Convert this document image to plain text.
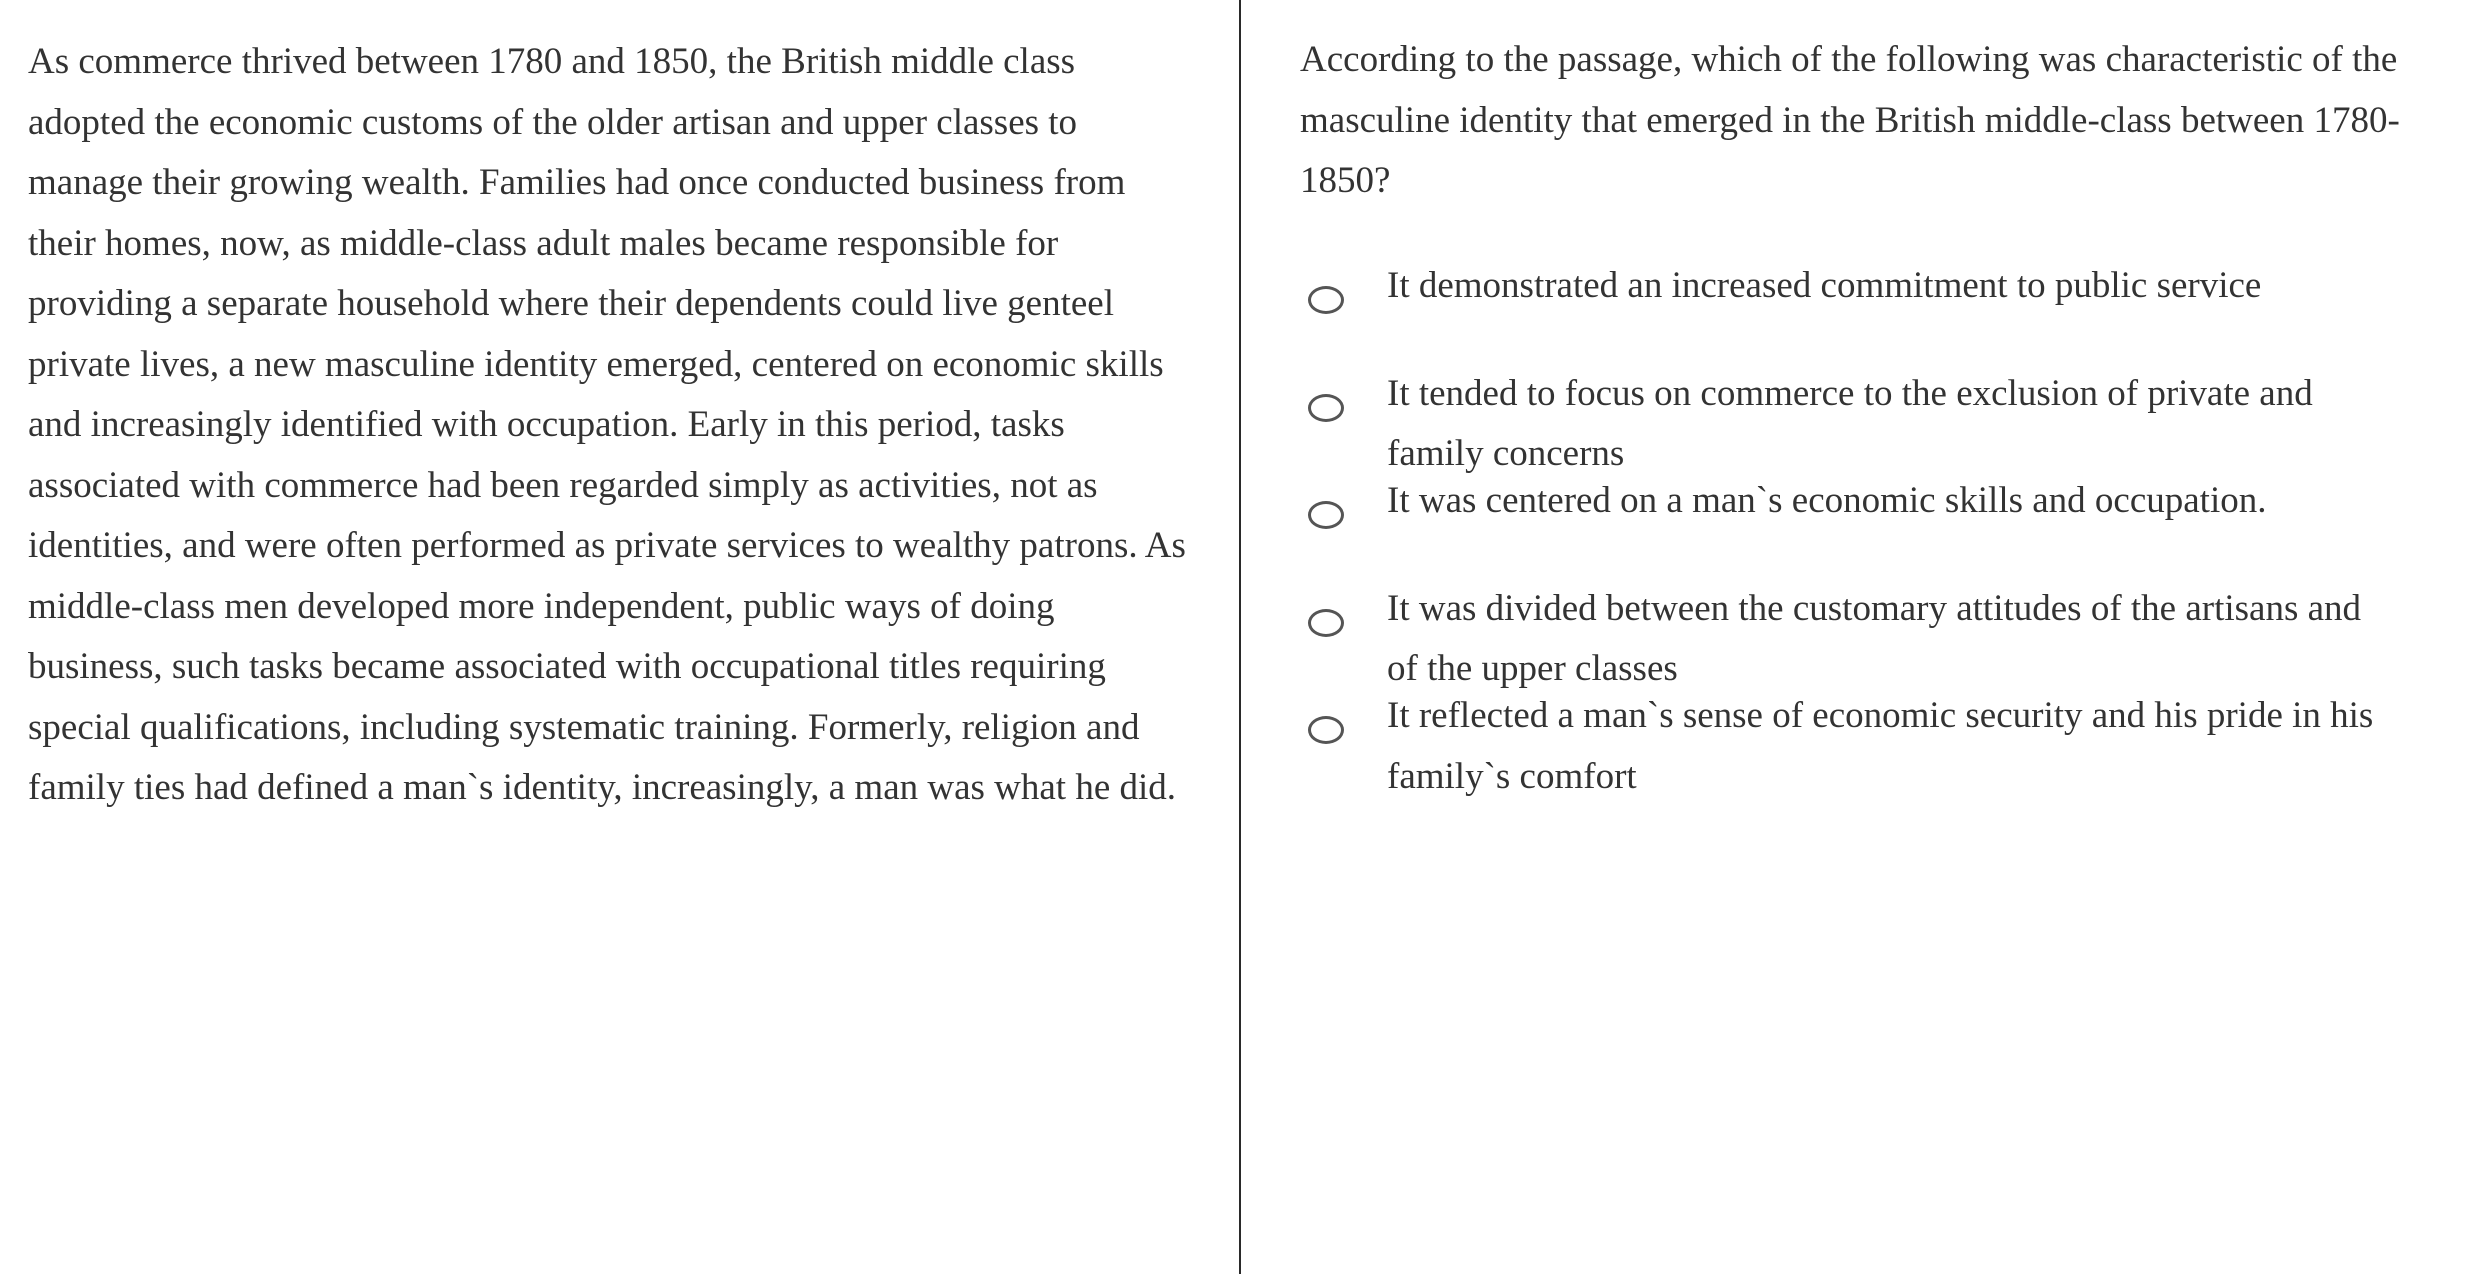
As commerce thrived between 1780 and 1850, the British middle class adopted the economic customs of the older artisan and upper classes to manage their growing wealth. Families had once conducted business from their homes, now, as middle-class adult males became responsible for providing a separate household where their dependents could live genteel private lives, a new masculine identity emerged, centered on economic skills and increasingly identified with occupation. Early in this period, tasks associated with commerce had been regarded simply as activities, not as identities, and were often performed as private services to wealthy patrons. As middle-class men developed more independent, public ways of doing business, such tasks became associated with occupational titles requiring special qualifications, including systematic training. Formerly, religion and family ties had defined a man`s identity, increasingly, a man was what he did.

According to the passage, which of the following was characteristic of the masculine identity that emerged in the British middle-class between 1780-1850?

It demonstrated an increased commitment to public service
It tended to focus on commerce to the exclusion of private and family concerns
It was centered on a man`s economic skills and occupation.
It was divided between the customary attitudes of the artisans and of the upper classes
It reflected a man`s sense of economic security and his pride in his family`s comfort
